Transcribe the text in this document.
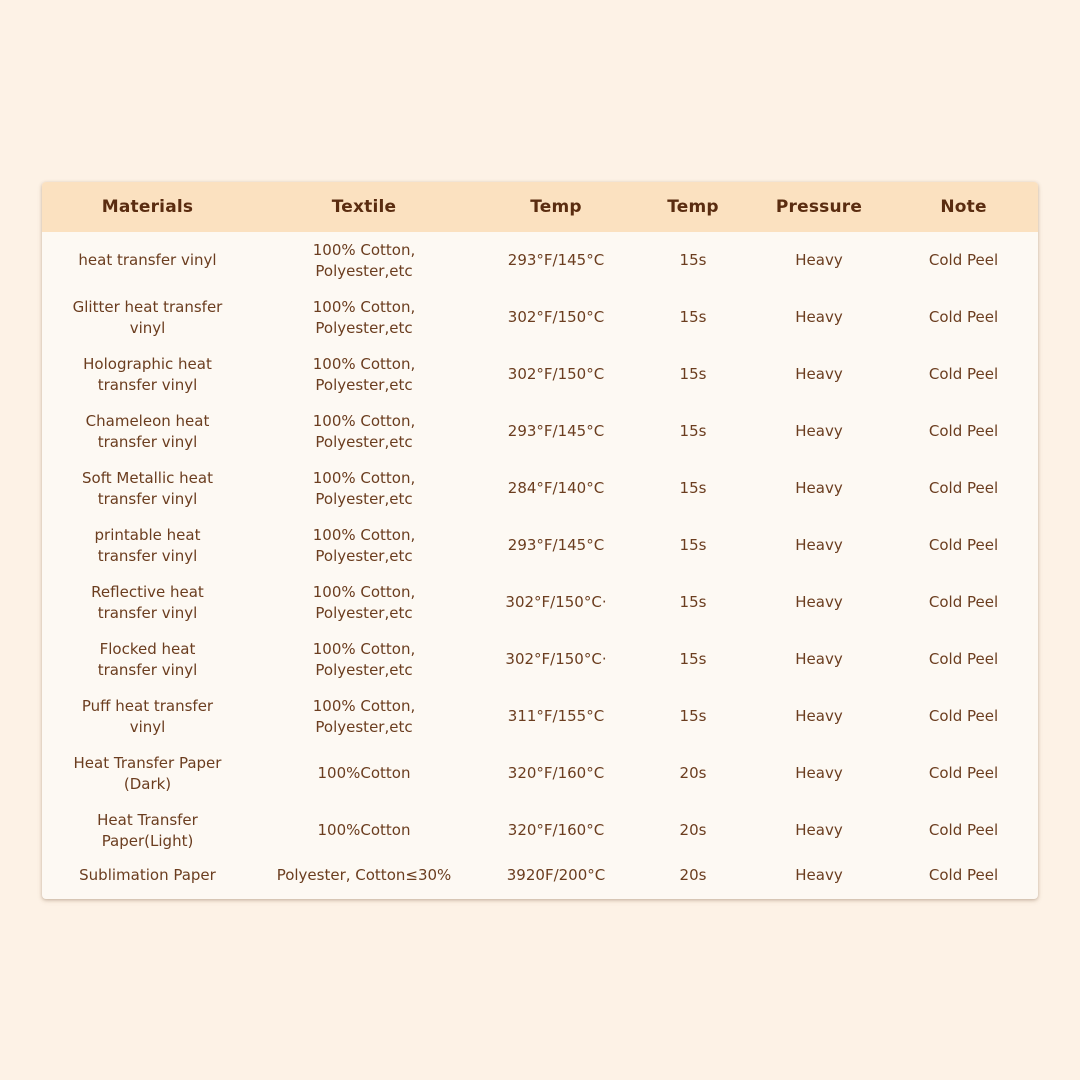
Materials	Textile	Temp	Temp	Pressure	Note
heat transfer vinyl	100% Cotton, Polyester,etc	293°F/145°C	15s	Heavy	Cold Peel
Glitter heat transfer vinyl	100% Cotton, Polyester,etc	302°F/150°C	15s	Heavy	Cold Peel
Holographic heat transfer vinyl	100% Cotton, Polyester,etc	302°F/150°C	15s	Heavy	Cold Peel
Chameleon heat transfer vinyl	100% Cotton, Polyester,etc	293°F/145°C	15s	Heavy	Cold Peel
Soft Metallic heat transfer vinyl	100% Cotton, Polyester,etc	284°F/140°C	15s	Heavy	Cold Peel
printable heat transfer vinyl	100% Cotton, Polyester,etc	293°F/145°C	15s	Heavy	Cold Peel
Reflective heat transfer vinyl	100% Cotton, Polyester,etc	302°F/150°C·	15s	Heavy	Cold Peel
Flocked heat transfer vinyl	100% Cotton, Polyester,etc	302°F/150°C·	15s	Heavy	Cold Peel
Puff heat transfer vinyl	100% Cotton, Polyester,etc	311°F/155°C	15s	Heavy	Cold Peel
Heat Transfer Paper (Dark)	100%Cotton	320°F/160°C	20s	Heavy	Cold Peel
Heat Transfer Paper(Light)	100%Cotton	320°F/160°C	20s	Heavy	Cold Peel
Sublimation Paper	Polyester, Cotton≤30%	3920F/200°C	20s	Heavy	Cold Peel
